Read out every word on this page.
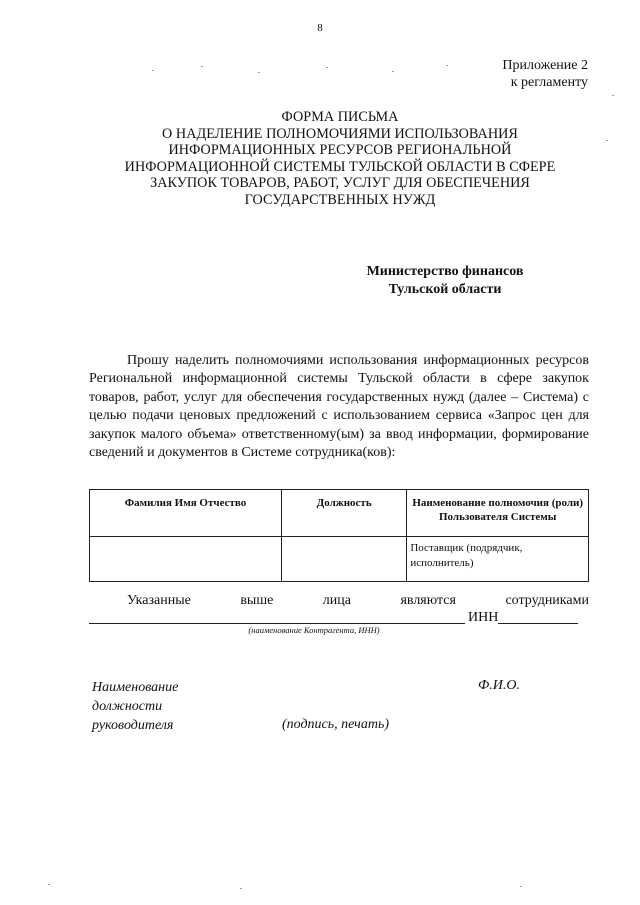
8
Приложение 2
к регламенту
ФОРМА ПИСЬМА
О НАДЕЛЕНИЕ ПОЛНОМОЧИЯМИ ИСПОЛЬЗОВАНИЯ
ИНФОРМАЦИОННЫХ РЕСУРСОВ РЕГИОНАЛЬНОЙ
ИНФОРМАЦИОННОЙ СИСТЕМЫ ТУЛЬСКОЙ ОБЛАСТИ В СФЕРЕ
ЗАКУПОК ТОВАРОВ, РАБОТ, УСЛУГ ДЛЯ ОБЕСПЕЧЕНИЯ
ГОСУДАРСТВЕННЫХ НУЖД
Министерство финансов
Тульской области
Прошу наделить полномочиями использования информационных ресурсов Региональной информационной системы Тульской области в сфере закупок товаров, работ, услуг для обеспечения государственных нужд (далее – Система) с целью подачи ценовых предложений с использованием сервиса «Запрос цен для закупок малого объема» ответственному(ым) за ввод информации, формирование сведений и документов в Системе сотрудника(ков):
Фамилия Имя Отчество	Должность	Наименование полномочия (роли) Пользователя Системы
		Поставщик (подрядчик, исполнитель)
Указанные	выше	лица	являются	сотрудниками
ИНН
(наименование Контрагента, ИНН)
Наименование
должности
руководителя	(подпись, печать)
Ф.И.О.
